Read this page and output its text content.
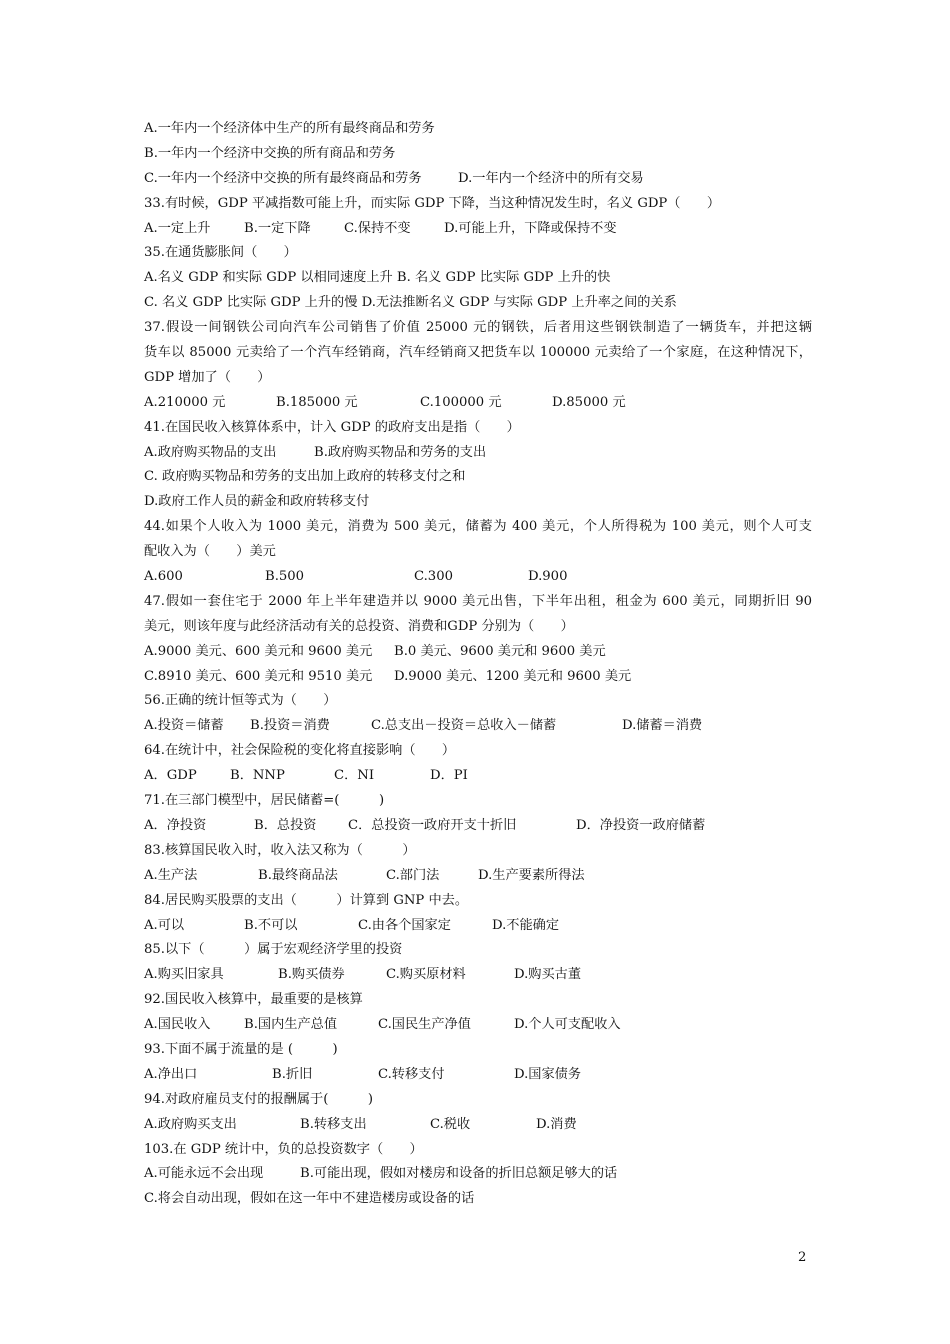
A.一年内一个经济体中生产的所有最终商品和劳务
B.一年内一个经济中交换的所有商品和劳务
C.一年内一个经济中交换的所有最终商品和劳务	D.一年内一个经济中的所有交易
33.有时候，GDP 平减指数可能上升，而实际 GDP 下降，当这种情况发生时，名义 GDP（　　）
A.一定上升	B.一定下降	C.保持不变	D.可能上升，下降或保持不变
35.在通货膨胀间（　　）
A.名义 GDP 和实际 GDP 以相同速度上升 B. 名义 GDP 比实际 GDP 上升的快
C. 名义 GDP 比实际 GDP 上升的慢 D.无法推断名义 GDP 与实际 GDP 上升率之间的关系
37.假设一间钢铁公司向汽车公司销售了价值 25000 元的钢铁，后者用这些钢铁制造了一辆货车，并把这辆
货车以 85000 元卖给了一个汽车经销商，汽车经销商又把货车以 100000 元卖给了一个家庭，在这种情况下，
GDP 增加了（　　）
A.210000 元	B.185000 元	C.100000 元	D.85000 元
41.在国民收入核算体系中，计入 GDP 的政府支出是指（　　）
A.政府购买物品的支出	B.政府购买物品和劳务的支出
C. 政府购买物品和劳务的支出加上政府的转移支付之和
D.政府工作人员的薪金和政府转移支付
44.如果个人收入为 1000 美元，消费为 500 美元，储蓄为 400 美元，个人所得税为 100 美元，则个人可支
配收入为（　　）美元
A.600	B.500	C.300	D.900
47.假如一套住宅于 2000 年上半年建造并以 9000 美元出售，下半年出租，租金为 600 美元，同期折旧 90
美元，则该年度与此经济活动有关的总投资、消费和GDP 分别为（　　）
A.9000 美元、600 美元和 9600 美元 B.0 美元、9600 美元和 9600 美元
C.8910 美元、600 美元和 9510 美元 D.9000 美元、1200 美元和 9600 美元
56.正确的统计恒等式为（　　）
A.投资＝储蓄 B.投资＝消费	C.总支出－投资＝总收入－储蓄	D.储蓄＝消费
64.在统计中，社会保险税的变化将直接影响（　　）
A．GDP	B．NNP	C．NI	D．PI
71.在三部门模型中，居民储蓄=(　　　)
A．净投资	B．总投资 C．总投资一政府开支十折旧	D．净投资一政府储蓄
83.核算国民收入时，收入法又称为（　　　）
A.生产法	B.最终商品法	C.部门法	D.生产要素所得法
84.居民购买股票的支出（　　　）计算到 GNP 中去。
A.可以	B.不可以	C.由各个国家定	D.不能确定
85.以下（　　　）属于宏观经济学里的投资
A.购买旧家具	B.购买债券	C.购买原材料	D.购买古董
92.国民收入核算中，最重要的是核算
A.国民收入	B.国内生产总值	C.国民生产净值	D.个人可支配收入
93.下面不属于流量的是 (　　　)
A.净出口	B.折旧	C.转移支付	D.国家债务
94.对政府雇员支付的报酬属于(　　　)
A.政府购买支出	B.转移支出	C.税收	D.消费
103.在 GDP 统计中，负的总投资数字（　　）
A.可能永远不会出现	B.可能出现，假如对楼房和设备的折旧总额足够大的话
C.将会自动出现，假如在这一年中不建造楼房或设备的话
2
